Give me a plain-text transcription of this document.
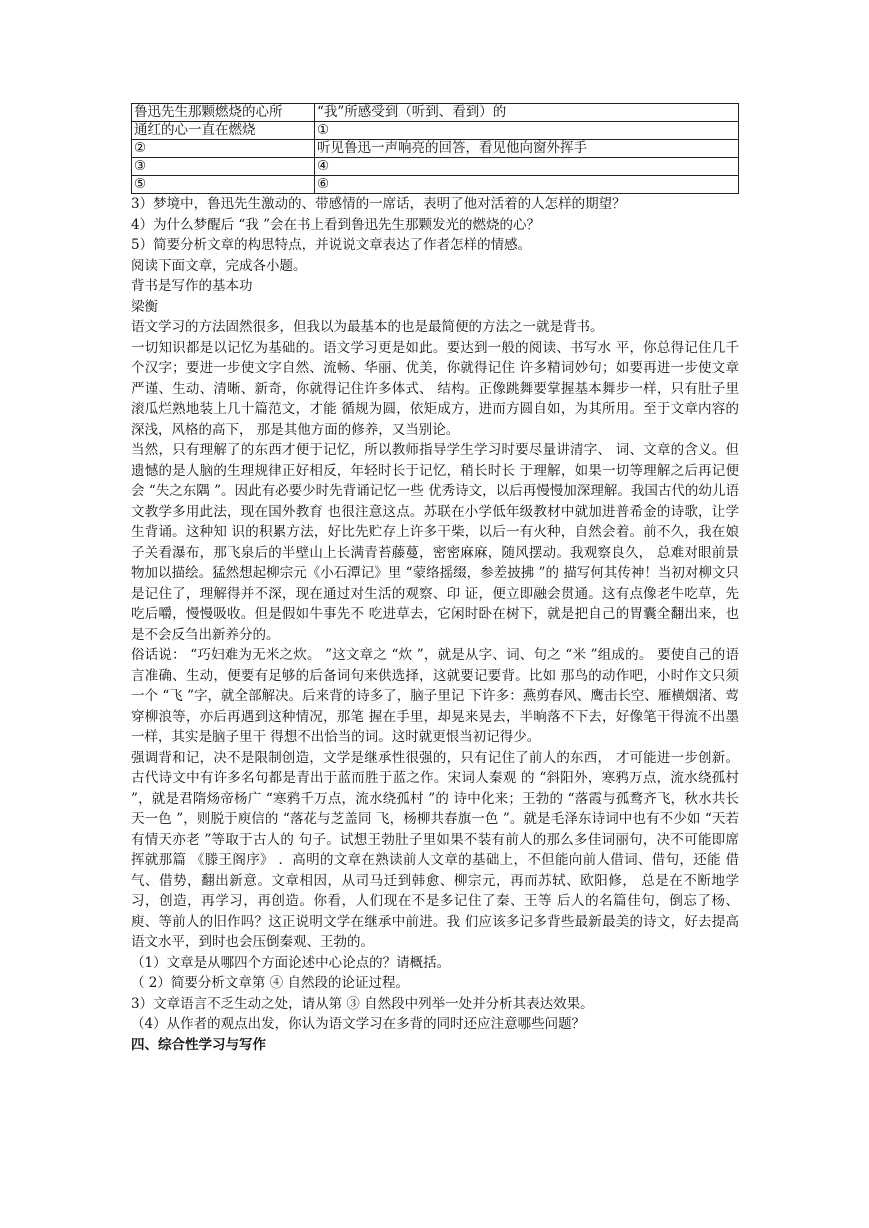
鲁迅先生那颗燃烧的心所	“我”所感受到（听到、看到）的
通红的心一直在燃烧	①
②	听见鲁迅一声响亮的回答，看见他向窗外挥手
③	④
⑤	⑥

3）梦境中，鲁迅先生激动的、带感情的一席话，表明了他对活着的人怎样的期望？

4）为什么梦醒后 “我 ”会在书上看到鲁迅先生那颗发光的燃烧的心？

5）简要分析文章的构思特点，并说说文章表达了作者怎样的情感。

阅读下面文章，完成各小题。

背书是写作的基本功

梁衡

语文学习的方法固然很多，但我以为最基本的也是最简便的方法之一就是背书。

一切知识都是以记忆为基础的。语文学习更是如此。要达到一般的阅读、书写水 平，你总得记住几千个汉字；要进一步使文字自然、流畅、华丽、优美，你就得记住 许多精词妙句；如要再进一步使文章严谨、生动、清晰、新奇，你就得记住许多体式、 结构。正像跳舞要掌握基本舞步一样，只有肚子里滚瓜烂熟地装上几十篇范文，才能 循规为圆，依矩成方，进而方圆自如，为其所用。至于文章内容的深浅，风格的高下， 那是其他方面的修养，又当别论。

当然，只有理解了的东西才便于记忆，所以教师指导学生学习时要尽量讲清字、 词、文章的含义。但遗憾的是人脑的生理规律正好相反，年轻时长于记忆，稍长时长 于理解，如果一切等理解之后再记便会 “失之东隅 ”。因此有必要少时先背诵记忆一些 优秀诗文，以后再慢慢加深理解。我国古代的幼儿语文教学多用此法，现在国外教育 也很注意这点。苏联在小学低年级教材中就加进普希金的诗歌，让学生背诵。这种知 识的积累方法，好比先贮存上许多干柴，以后一有火种，自然会着。前不久，我在娘 子关看瀑布，那飞泉后的半壁山上长满青苔藤蔓，密密麻麻，随风摆动。我观察良久， 总难对眼前景物加以描绘。猛然想起柳宗元《小石潭记》里 “蒙络摇缀，参差披拂 ”的 描写何其传神！当初对柳文只是记住了，理解得并不深，现在通过对生活的观察、印 证，便立即融会贯通。这有点像老牛吃草，先吃后嚼，慢慢吸收。但是假如牛事先不 吃进草去，它闲时卧在树下，就是把自己的胃囊全翻出来，也是不会反刍出新养分的。

俗话说： “巧妇难为无米之炊。 ”这文章之 “炊 ”，就是从字、词、句之 “米 ”组成的。 要使自己的语言准确、生动，便要有足够的后备词句来供选择，这就要记要背。比如 那鸟的动作吧，小时作文只须一个 “飞 ”字，就全部解决。后来背的诗多了，脑子里记 下许多：燕剪春风、鹰击长空、雁横烟渚、莺穿柳浪等，亦后再遇到这种情况，那笔 握在手里，却晃来晃去，半晌落不下去，好像笔干得流不出墨一样，其实是脑子里干 得想不出恰当的词。这时就更恨当初记得少。

强调背和记，决不是限制创造，文学是继承性很强的，只有记住了前人的东西， 才可能进一步创新。古代诗文中有许多名句都是青出于蓝而胜于蓝之作。宋词人秦观 的 “斜阳外，寒鸦万点，流水绕孤村 ”，就是君隋炀帝杨广 “寒鸦千万点，流水绕孤村 ”的 诗中化来；王勃的 “落霞与孤鹜齐飞，秋水共长天一色 ”，则脱于庾信的 “落花与芝盖同 飞，杨柳共春旗一色 ”。就是毛泽东诗词中也有不少如 “天若有情天亦老 ”等取于古人的 句子。试想王勃肚子里如果不装有前人的那么多佳词丽句，决不可能即席挥就那篇 《滕王阁序》 ．高明的文章在熟读前人文章的基础上，不但能向前人借词、借句，还能 借气、借势，翻出新意。文章相因，从司马迁到韩愈、柳宗元，再而苏轼、欧阳修， 总是在不断地学习，创造，再学习，再创造。你看，人们现在不是多记住了秦、王等 后人的名篇佳句，倒忘了杨、庾、等前人的旧作吗？这正说明文学在继承中前进。我 们应该多记多背些最新最美的诗文，好去提高语文水平，到时也会压倒秦观、王勃的。

（1）文章是从哪四个方面论述中心论点的？请概括。

（ 2）简要分析文章第 ④ 自然段的论证过程。

3）文章语言不乏生动之处，请从第 ③ 自然段中列举一处并分析其表达效果。

（4）从作者的观点出发，你认为语文学习在多背的同时还应注意哪些问题？

四、综合性学习与写作
